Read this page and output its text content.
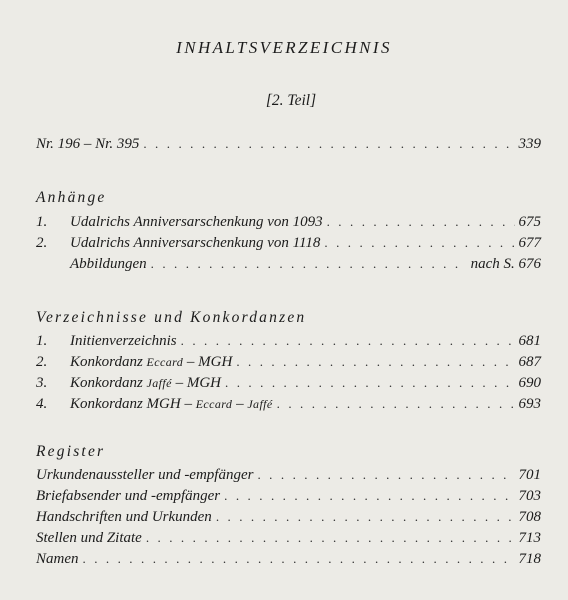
INHALTSVERZEICHNIS
[2. Teil]
Nr. 196 – Nr. 395 . . .	339
Anhänge
1.	Udalrichs Anniversarschenkung von 1093 . . .	675
2.	Udalrichs Anniversarschenkung von 1118 . . .	677
Abbildungen . . .	nach S. 676
Verzeichnisse und Konkordanzen
1.	Initienverzeichnis . . .	681
2.	Konkordanz Eccard – MGH . . .	687
3.	Konkordanz Jaffé – MGH . . .	690
4.	Konkordanz MGH – Eccard – Jaffé . . .	693
Register
Urkundenaussteller und -empfänger . . .	701
Briefabsender und -empfänger . . .	703
Handschriften und Urkunden . . .	708
Stellen und Zitate . . .	713
Namen . . .	718
